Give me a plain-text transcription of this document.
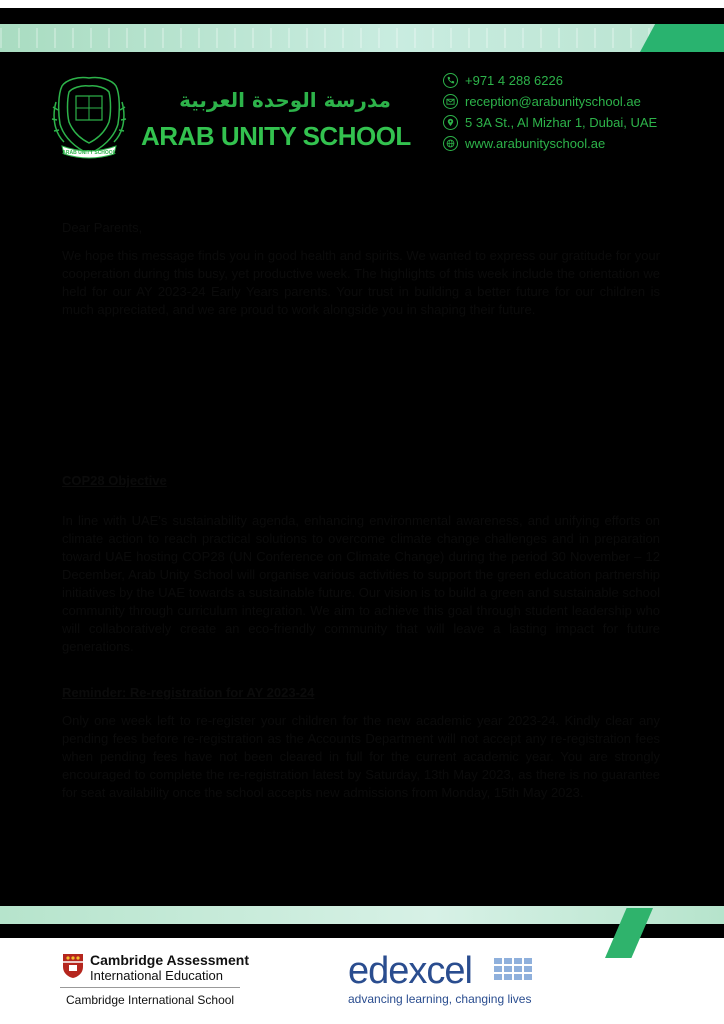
ARAB UNITY SCHOOL
مدرسة الوحدة العربية
ARAB UNITY SCHOOL
+971 4 288 6226
reception@arabunityschool.ae
5 3A St., Al Mizhar 1, Dubai, UAE
www.arabunityschool.ae
Dear Parents,
We hope this message finds you in good health and spirits. We wanted to express our gratitude for your cooperation during this busy, yet productive week. The highlights of this week include the orientation we held for our AY 2023-24 Early Years parents. Your trust in building a better future for our children is much appreciated, and we are proud to work alongside you in shaping their future.
COP28 Objective
In line with UAE's sustainability agenda, enhancing environmental awareness, and unifying efforts on climate action to reach practical solutions to overcome climate change challenges and in preparation toward UAE hosting COP28 (UN Conference on Climate Change) during the period 30 November – 12 December, Arab Unity School will organise various activities to support the green education partnership initiatives by the UAE towards a sustainable future. Our vision is to build a green and sustainable school community through curriculum integration. We aim to achieve this goal through student leadership who will collaboratively create an eco-friendly community that will leave a lasting impact for future generations.
Reminder: Re-registration for AY 2023-24
Only one week left to re-register your children for the new academic year 2023-24. Kindly clear any pending fees before re-registration as the Accounts Department will not accept any re-registration fees when pending fees have not been cleared in full for the current academic year. You are strongly encouraged to complete the re-registration latest by Saturday, 13th May 2023, as there is no guarantee for seat availability once the school accepts new admissions from Monday, 15th May 2023.
Cambridge Assessment
International Education
Cambridge International School
edexcel
advancing learning, changing lives
